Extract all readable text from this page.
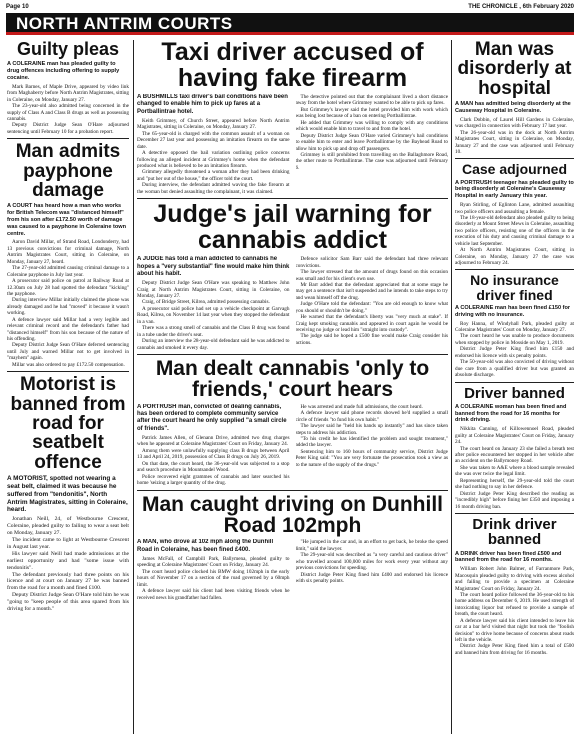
Page 10	THE CHRONICLE , 6th February 2020
NORTH ANTRIM COURTS
Guilty pleas
A COLERAINE man has pleaded guilty to drug offences including offering to supply cocaine.

Mark Barnes, of Maple Drive, appeared by video link from Maghaberry before North Antrim Magistrates, sitting in Coleraine, on Monday, January 27.

The 23-year-old also admitted being concerned in the supply of Class A and Class B drugs as well as possessing cannabis.

Deputy District Judge Sean O'Hare adjourned sentencing until February 10 for a probation report.

Man admits payphone damage
A COURT has heard how a man who works for British Telecom was "distanced himself" from his son after £172.50 worth of damage was caused to a payphone in Coleraine town centre.

Aaron David Millar, of Strand Road, Londonderry, had 13 previous convictions for criminal damage, North Antrim Magistrates Court, sitting in Coleraine, on Monday, January 27, heard.

The 27-year-old admitted causing criminal damage to a Coleraine payphone in July last year.

A prosecutor said police on patrol at Railway Road at 12.30am on July 28 had spotted the defendant "kicking" the payphone.

During interview Millar initially claimed the phone was already damaged and he had "moved" it because it wasn't working.

A defence lawyer said Millar had a very legible and relevant criminal record and the defendant's father had "distanced himself" from his son because of the nature of his offending.

Deputy District Judge Sean O'Hare deferred sentencing until July and warned Millar not to get involved in "mayhem" again.

Millar was also ordered to pay £172.50 compensation.

Motorist is banned from road for seatbelt offence
A MOTORIST, spotted not wearing a seat belt, claimed it was because he suffered from "tendonitis", North Antrim Magistrates, sitting in Coleraine, heard.

Jonathan Neill, 24, of Westbourne Crescent, Coleraine, pleaded guilty to failing to wear a seat belt on Monday, January 27.

The incident came to light at Westbourne Crescent in August last year.

His lawyer said Neill had made admissions at the earliest opportunity and had "some issue with tendonitis".

The defendant previously had three points on his licence and at court on January 27 he was banned from the road for a month and fined £100.

Deputy District Judge Sean O'Hare told him he was "going to "keep people of this area spared from his driving for a month."

Taxi driver accused of having fake firearm
A BUSHMILLS taxi driver's bail conditions have been changed to enable him to pick up fares at a Portballintrae hotel.

Keith Grimmey, of Church Street, appeared before North Antrim Magistrates, sitting in Coleraine, on Monday, January 27.

The 65-year-old is charged with the common assault of a woman on December 27 last year and possessing an imitation firearm on the same date.

A detective opposed the bail variation outlining police concerns following an alleged incident at Grimmey's home when the defendant produced what is believed to be an imitation firearm.

Grimmey allegedly threatened a woman after they had been drinking and "put her out of the house," the officer told the court.

During interview, the defendant admitted waving the fake firearm at the woman but denied assaulting the complainant, it was claimed.

The detective pointed out that the complainant lived a short distance away from the hotel where Grimmey wanted to be able to pick up fares.

But Grimmey's lawyer said the hotel provided him with work which was being lost because of a ban on entering Portballintrae.

He added that Grimmey was willing to comply with any conditions which would enable him to travel to and from the hotel.

Deputy District Judge Sean O'Hare varied Grimmey's bail conditions to enable him to enter and leave Portballintrae by the Bayhead Road to allow him to pick up and drop off passengers.

Grimmey is still prohibited from travelling on the Ballaghmore Road, the other route to Portballintrae. The case was adjourned until February 6.

Judge's jail warning for cannabis addict
A JUDGE has told a man addicted to cannabis he hopes a "very substantial" fine would make him think about his habit.

Deputy District Judge Sean O'Hare was speaking to Matthew John Craig at North Antrim Magistrates Court, sitting in Coleraine, on Monday, January 27.

Craig, of Bridge Street, Kilrea, admitted possessing cannabis.

A prosecutor said police had set up a vehicle checkpoint at Garvagh Road, Kilrea, on November 14 last year when they stopped the defendant in a van.

There was a strong smell of cannabis and the Class B drug was found in a tube under the driver's seat.

During an interview the 28-year-old defendant said he was addicted to cannabis and smoked it every day.

Defence solicitor Sam Barr said the defendant had three relevant convictions.

The lawyer stressed that the amount of drugs found on this occasion was small and for his client's own use.

Mr Barr added that the defendant appreciated that at some stage he may get a sentence that isn't suspended and he intends to take steps to try and wean himself off the drug.

Judge O'Hare told the defendant: "You are old enough to know what you should or shouldn't be doing."

He warned that the defendant's liberty was "very much at stake". If Craig kept smoking cannabis and appeared in court again he would be receiving no judge or lead him "straight into custody".

The judge said he hoped a £500 fine would make Craig consider his actions.

Man dealt cannabis 'only to friends,' court hears
A PORTRUSH man, convicted of dealing cannabis, has been ordered to complete community service after the court heard he only supplied "a small circle of friends".

Patrick James Allen, of Glenann Drive, admitted two drug charges when he appeared at Coleraine Magistrates' Court on Friday, January 24.

Among them were unlawfully supplying class B drugs between April 13 and April 24, 2019, possession of Class B drugs on July 26, 2019.

On that date, the court heard, the 36-year-old was subjected to a stop and search procedure in Mountsandel Wood.

Police recovered eight grammes of cannabis and later searched his home 'seizing a larger quantity of the drug.

He was arrested and made full admissions, the court heard.

A defence lawyer said phone records showed he'd supplied a small circle of friends "to fund his own habit."

The lawyer said he "held his hands up instantly" and has since taken steps to address his addiction.

"To his credit he has identified the problem and sought treatment," added the lawyer.

Sentencing him to 160 hours of community service, District Judge Peter King said: "You are very fortunate the prosecution took a view as to the nature of the supply of the drugs."

Man caught driving on Dunhill Road 102mph
A MAN, who drove at 102 mph along the Dunhill Road in Coleraine, has been fined £400.

James McFall, of Campbill Park, Ballymena, pleaded guilty to speeding at Coleraine Magistrates' Court on Friday, January 24.

The court heard police clocked his BMW doing 102mph in the early hours of November 17 on a section of the road governed by a 60mph limit.

A defence lawyer said his client had been visiting friends when he received news his grandfather had fallen.

"He jumped in the car and, in an effort to get back, he broke the speed limit," said the lawyer.

The 29-year-old was described as "a very careful and cautious driver" who travelled around 100,000 miles for work every year without any previous convictions for speeding.

District Judge Peter King fined him £400 and endorsed his licence with six penalty points.

Man was disorderly at hospital
A MAN has admitted being disorderly at the Causeway Hospital in Coleraine.

Clark Dobbin, of Laurel Hill Gardens in Coleraine, was charged in connection with February 17 last year.

The 26-year-old was in the dock at North Antrim Magistrates Court, sitting in Coleraine, on Monday, January 27 and the case was adjourned until February 10.

Case adjourned
A PORTRUSH teenager has pleaded guilty to being disorderly at Coleraine's Causeway Hospital in early January this year.

Ryan Stirling, of Eglinton Lane, admitted assaulting two police officers and assaulting a female.

The 18-year-old defendant also pleaded guilty to being disorderly at Mount Street Mews in Coleraine, assaulting two police officers, resisting one of the officers in the execution of his duty and causing criminal damage to a vehicle last September.

At North Antrim Magistrates Court, sitting in Coleraine, on Monday, January 27 the case was adjourned to February 24.

No insurance driver fined
A COLERAINE man has been fined £150 for driving with no insurance.

Roy Hanna, of Windyhall Park, pleaded guilty at Coleraine Magistrates' Court on Monday, January 27.

The court heard he was unable to produce documents when stopped by police in Mosside on May 1, 2019.

District Judge Peter King fined him £150 and endorsed his licence with six penalty points.

The 50-year-old was also convicted of driving without due care from a qualified driver but was granted an absolute discharge.

Driver banned
A COLERAINE woman has been fined and banned from the road for 16 months for drink driving.

Nikkita Canning, of Killowennoel Road, pleaded guilty at Coleraine Magistrates' Court on Friday, January 24.

The court heard on January 23 she failed a breath test after police encountered her stopped in her vehicle after an accident on the Ballymoney Road.

She was taken to A&E where a blood sample revealed she was over twice the legal limit.

Representing herself, the 29-year-old told the court she had nothing to say in her defence.

District Judge Peter King described the reading as "incredibly high" before fining her £350 and imposing a 16 month driving ban.

Drink driver banned
A DRINK driver has been fined £500 and banned from the road for 16 months.

William Robert John Balmer, of Farranmore Park, Macosquin pleaded guilty to driving with excess alcohol and failing to provide a specimen at Coleraine Magistrates' Court on Friday, January 24.

The court heard police followed the 36-year-old to his home address on December 6, 2019. He used strength of intoxicating liquor but refused to provide a sample of breath, the court heard.

A defence lawyer said his client intended to leave his car at a bar he'd visited that night but took the "foolish decision" to drive home because of concerns about roads left in the vehicle.

District Judge Peter King fined him a total of £500 and banned him from driving for 16 months.
